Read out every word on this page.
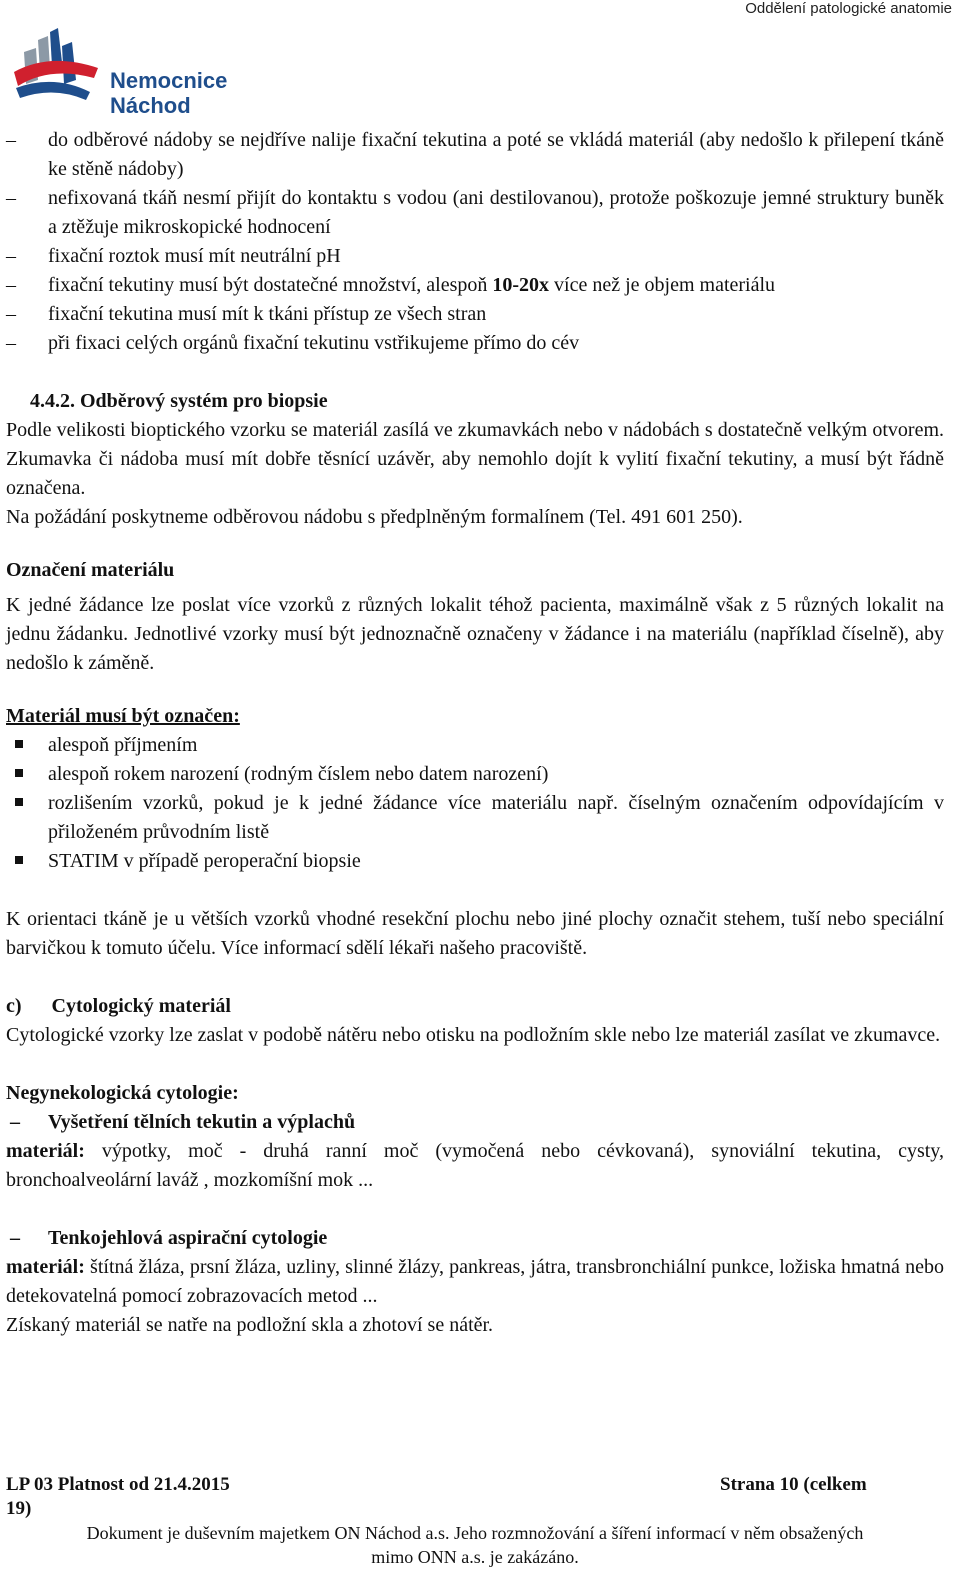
Oddělení patologické anatomie
Nemocnice
Náchod
– do odběrové nádoby se nejdříve nalije fixační tekutina a poté se vkládá materiál (aby nedošlo k přilepení tkáně ke stěně nádoby)
– nefixovaná tkáň nesmí přijít do kontaktu s vodou (ani destilovanou), protože poškozuje jemné struktury buněk a ztěžuje mikroskopické hodnocení
– fixační roztok musí mít neutrální pH
– fixační tekutiny musí být dostatečné množství, alespoň 10-20x více než je objem materiálu
– fixační tekutina musí mít k tkáni přístup ze všech stran
– při fixaci celých orgánů fixační tekutinu vstřikujeme přímo do cév

4.4.2. Odběrový systém pro biopsie

Podle velikosti bioptického vzorku se materiál zasílá ve zkumavkách nebo v nádobách s dostatečně velkým otvorem. Zkumavka či nádoba musí mít dobře těsnící uzávěr, aby nemohlo dojít k vylití fixační tekutiny, a musí být řádně označena.

Na požádání poskytneme odběrovou nádobu s předplněným formalínem (Tel. 491 601 250).

Označení materiálu

K jedné žádance lze poslat více vzorků z různých lokalit téhož pacienta, maximálně však z 5 různých lokalit na jednu žádanku. Jednotlivé vzorky musí být jednoznačně označeny v žádance i na materiálu (například číselně), aby nedošlo k záměně.

Materiál musí být označen:

alespoň příjmením
alespoň rokem narození (rodným číslem nebo datem narození)
rozlišením vzorků, pokud je k jedné žádance více materiálu např. číselným označením odpovídajícím v přiloženém průvodním listě
STATIM v případě peroperační biopsie

K orientaci tkáně je u větších vzorků vhodné resekční plochu nebo jiné plochy označit stehem, tuší nebo speciální barvičkou k tomuto účelu. Více informací sdělí lékaři našeho pracoviště.

c) Cytologický materiál

Cytologické vzorky lze zaslat v podobě nátěru nebo otisku na podložním skle nebo lze materiál zasílat ve zkumavce.

Negynekologická cytologie:

– Vyšetření tělních tekutin a výplachů

materiál: výpotky, moč - druhá ranní moč (vymočená nebo cévkovaná), synoviální tekutina, cysty, bronchoalveolární laváž , mozkomíšní mok ...

– Tenkojehlová aspirační cytologie

materiál: štítná žláza, prsní žláza, uzliny, slinné žlázy, pankreas, játra, transbronchiální punkce, ložiska hmatná nebo detekovatelná pomocí zobrazovacích metod ...

Získaný materiál se natře na podložní skla a zhotoví se nátěr.

LP 03 Platnost od 21.4.2015	Strana 10 (celkem
19)
Dokument je duševním majetkem ON Náchod a.s. Jeho rozmnožování a šíření informací v něm obsažených
mimo ONN a.s. je zakázáno.
